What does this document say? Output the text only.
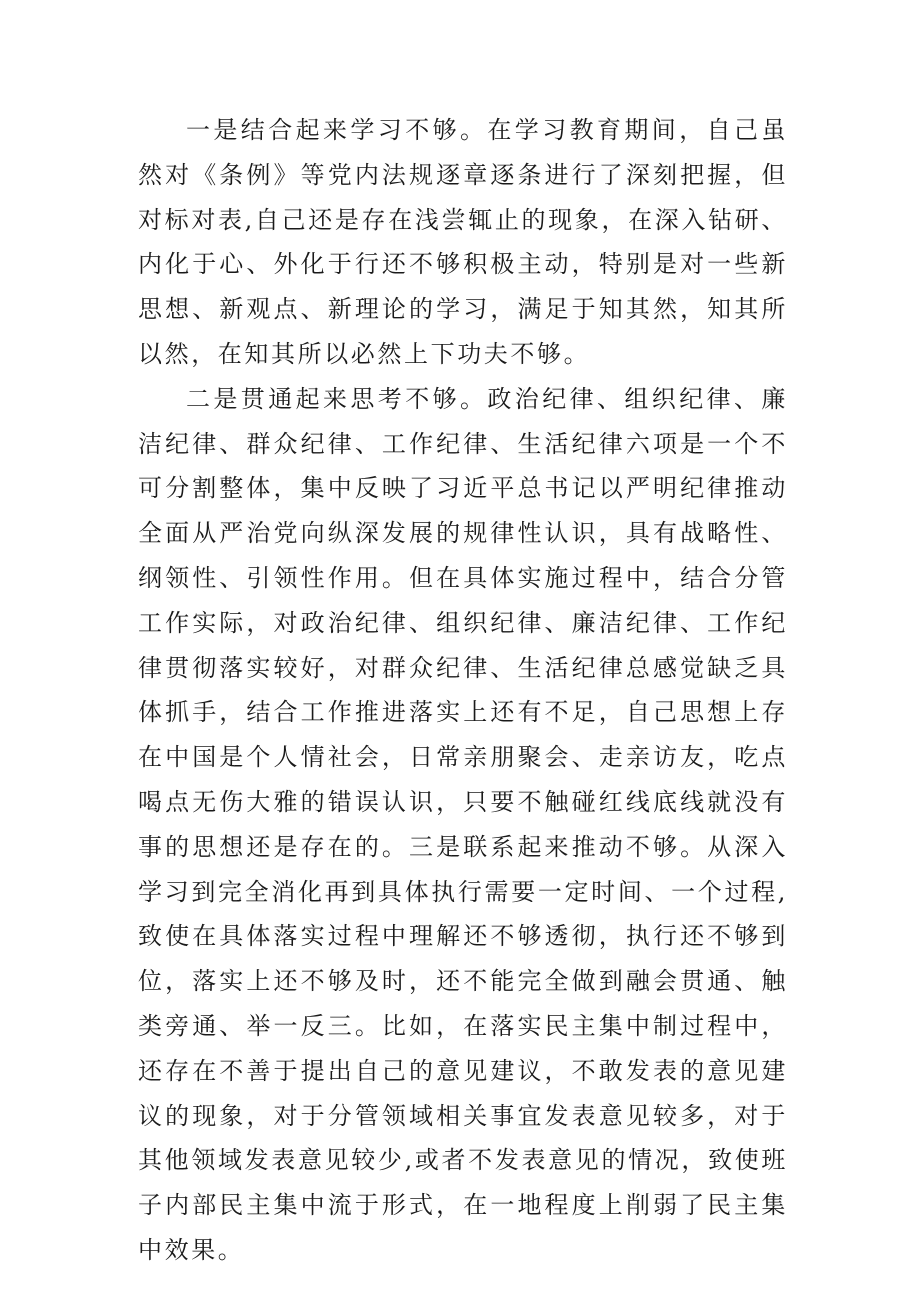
一是结合起来学习不够。在学习教育期间，自己虽然对《条例》等党内法规逐章逐条进行了深刻把握，但对标对表,自己还是存在浅尝辄止的现象，在深入钻研、内化于心、外化于行还不够积极主动，特别是对一些新思想、新观点、新理论的学习，满足于知其然，知其所以然，在知其所以必然上下功夫不够。

二是贯通起来思考不够。政治纪律、组织纪律、廉洁纪律、群众纪律、工作纪律、生活纪律六项是一个不可分割整体，集中反映了习近平总书记以严明纪律推动全面从严治党向纵深发展的规律性认识，具有战略性、纲领性、引领性作用。但在具体实施过程中，结合分管工作实际，对政治纪律、组织纪律、廉洁纪律、工作纪律贯彻落实较好，对群众纪律、生活纪律总感觉缺乏具体抓手，结合工作推进落实上还有不足，自己思想上存在中国是个人情社会，日常亲朋聚会、走亲访友，吃点喝点无伤大雅的错误认识，只要不触碰红线底线就没有事的思想还是存在的。三是联系起来推动不够。从深入学习到完全消化再到具体执行需要一定时间、一个过程,致使在具体落实过程中理解还不够透彻，执行还不够到位，落实上还不够及时，还不能完全做到融会贯通、触类旁通、举一反三。比如，在落实民主集中制过程中，还存在不善于提出自己的意见建议，不敢发表的意见建议的现象，对于分管领域相关事宜发表意见较多，对于其他领域发表意见较少,或者不发表意见的情况，致使班子内部民主集中流于形式，在一地程度上削弱了民主集中效果。
